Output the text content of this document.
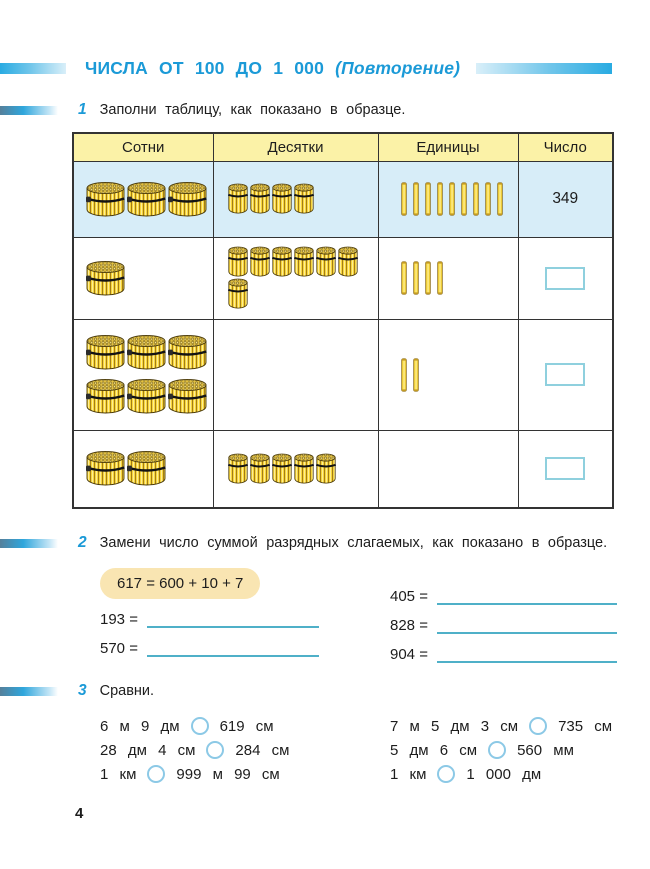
ЧИСЛА ОТ 100 ДО 1 000 (Повторение)
1 Заполни таблицу, как показано в образце.
Сотни	Десятки	Единицы	Число

	349

2 Замени число суммой разрядных слагаемых, как показано в образце.
617 = 600 + 10 + 7
193 =
570 =
405 =
828 =
904 =
3 Сравни.
6 м 9 дм	619 см
28 дм 4 см	284 см
1 км	999 м 99 см
7 м 5 дм 3 см	735 см
5 дм 6 см	560 мм
1 км	1 000 дм
4
